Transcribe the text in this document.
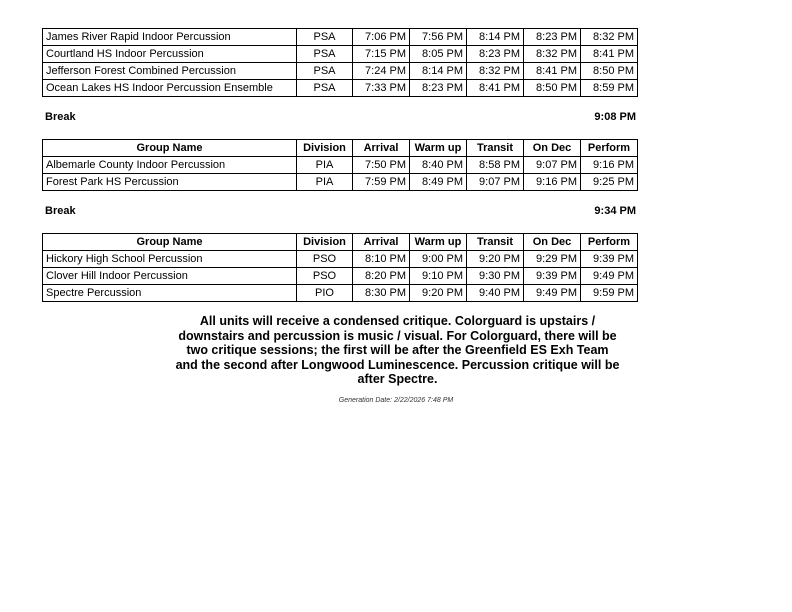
James River Rapid Indoor Percussion	PSA	7:06 PM	7:56 PM	8:14 PM	8:23 PM	8:32 PM
Courtland HS Indoor Percussion	PSA	7:15 PM	8:05 PM	8:23 PM	8:32 PM	8:41 PM
Jefferson Forest Combined Percussion	PSA	7:24 PM	8:14 PM	8:32 PM	8:41 PM	8:50 PM
Ocean Lakes HS Indoor Percussion Ensemble	PSA	7:33 PM	8:23 PM	8:41 PM	8:50 PM	8:59 PM
Break	9:08 PM
Group Name	Division	Arrival	Warm up	Transit	On Dec	Perform
Albemarle County Indoor Percussion	PIA	7:50 PM	8:40 PM	8:58 PM	9:07 PM	9:16 PM
Forest Park HS Percussion	PIA	7:59 PM	8:49 PM	9:07 PM	9:16 PM	9:25 PM
Break	9:34 PM
Group Name	Division	Arrival	Warm up	Transit	On Dec	Perform
Hickory High School Percussion	PSO	8:10 PM	9:00 PM	9:20 PM	9:29 PM	9:39 PM
Clover Hill Indoor Percussion	PSO	8:20 PM	9:10 PM	9:30 PM	9:39 PM	9:49 PM
Spectre Percussion	PIO	8:30 PM	9:20 PM	9:40 PM	9:49 PM	9:59 PM
All units will receive a condensed critique. Colorguard is upstairs / downstairs and percussion is music / visual. For Colorguard, there will be two critique sessions; the first will be after the Greenfield ES Exh Team and the second after Longwood Luminescence. Percussion critique will be after Spectre.
Generation Date: 2/22/2026 7:48 PM
